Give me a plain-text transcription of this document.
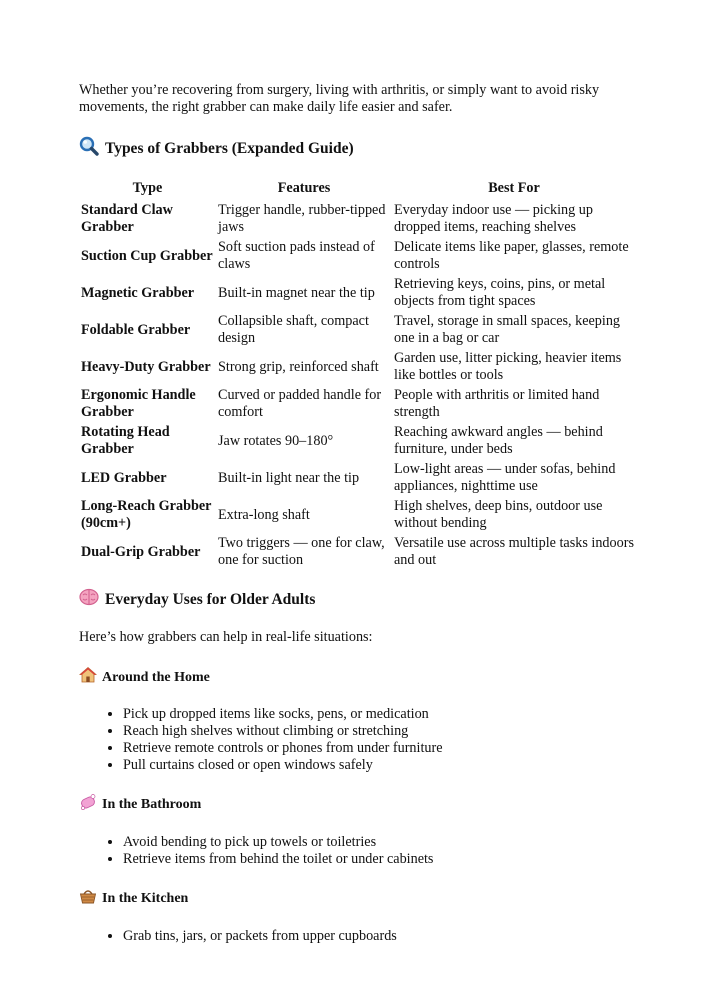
Whether you’re recovering from surgery, living with arthritis, or simply want to avoid risky movements, the right grabber can make daily life easier and safer.

Types of Grabbers (Expanded Guide)
Type	Features	Best For
Standard Claw Grabber	Trigger handle, rubber-tipped jaws	Everyday indoor use — picking up dropped items, reaching shelves
Suction Cup Grabber	Soft suction pads instead of claws	Delicate items like paper, glasses, remote controls
Magnetic Grabber	Built-in magnet near the tip	Retrieving keys, coins, pins, or metal objects from tight spaces
Foldable Grabber	Collapsible shaft, compact design	Travel, storage in small spaces, keeping one in a bag or car
Heavy-Duty Grabber	Strong grip, reinforced shaft	Garden use, litter picking, heavier items like bottles or tools
Ergonomic Handle Grabber	Curved or padded handle for comfort	People with arthritis or limited hand strength
Rotating Head Grabber	Jaw rotates 90–180°	Reaching awkward angles — behind furniture, under beds
LED Grabber	Built-in light near the tip	Low-light areas — under sofas, behind appliances, nighttime use
Long-Reach Grabber (90cm+)	Extra-long shaft	High shelves, deep bins, outdoor use without bending
Dual-Grip Grabber	Two triggers — one for claw, one for suction	Versatile use across multiple tasks indoors and out
Everyday Uses for Older Adults

Here’s how grabbers can help in real-life situations:

Around the Home
• Pick up dropped items like socks, pens, or medication
• Reach high shelves without climbing or stretching
• Retrieve remote controls or phones from under furniture
• Pull curtains closed or open windows safely
In the Bathroom
• Avoid bending to pick up towels or toiletries
• Retrieve items from behind the toilet or under cabinets
In the Kitchen
• Grab tins, jars, or packets from upper cupboards
